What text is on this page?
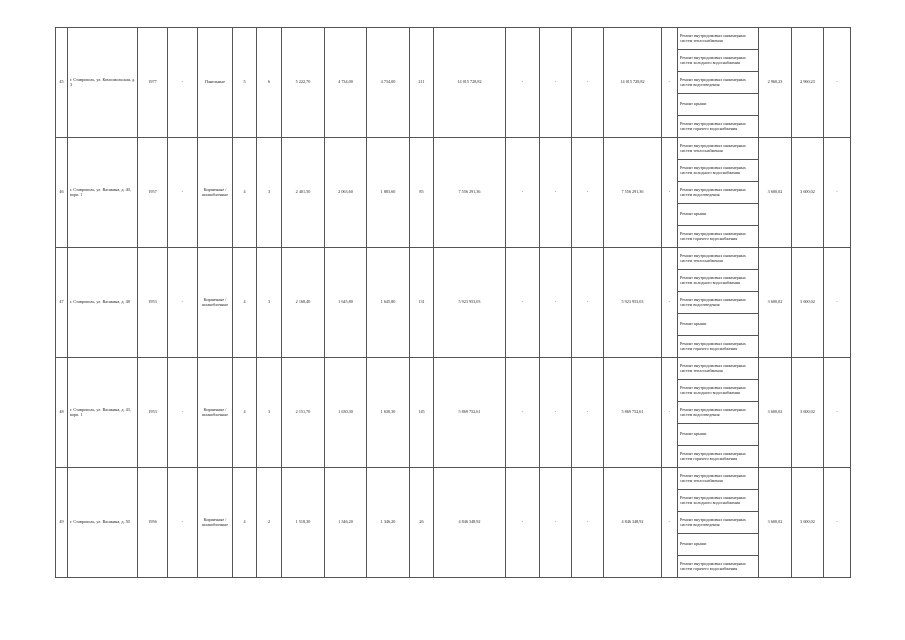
45	г. Ставрополь, ул. Комсомольская, д. 3	1977	-	Панельные	5	6	5 222,70	4 734,00	4 734,00	211	14 015 728,82	-	-	-	14 015 728,82	-	Ремонт внутридомовых инженерных систем теплоснабжения	2 960,23	2 960,23	-
																	Ремонт внутридомовых инженерных систем холодного водоснабжения			
																	Ремонт внутридомовых инженерных систем водоотведения			
																	Ремонт крыши			
																	Ремонт внутридомовых инженерных систем горячего водоснабжения			
46	г. Ставрополь, ул. Васякина, д. 40, корп. 1	1957	-	Кирпичные / шлакоблочные	4	3	2 401,50	2 063,60	1 883,60	85	7 556 291,36	-	-	-	7 556 291,36	-	Ремонт внутридомовых инженерных систем теплоснабжения	3 600,02	3 600,02	-
																	Ремонт внутридомовых инженерных систем холодного водоснабжения			
																	Ремонт внутридомовых инженерных систем водоотведения			
																	Ремонт крыши			
																	Ремонт внутридомовых инженерных систем горячего водоснабжения			
47	г. Ставрополь, ул. Васякина, д. 48	1953	-	Кирпичные / шлакоблочные	4	3	2 168,40	1 645,80	1 645,80	131	5 923 953,03	-	-	-	5 923 953,03	-	Ремонт внутридомовых инженерных систем теплоснабжения	3 600,02	3 600,02	-
																	Ремонт внутридомовых инженерных систем холодного водоснабжения			
																	Ремонт внутридомовых инженерных систем водоотведения			
																	Ремонт крыши			
																	Ремонт внутридомовых инженерных систем горячего водоснабжения			
48	г. Ставрополь, ул. Васякина, д. 43, корп. 1	1953	-	Кирпичные / шлакоблочные	4	3	2 151,70	1 630,30	1 630,30	145	5 869 752,61	-	-	-	5 869 752,61	-	Ремонт внутридомовых инженерных систем теплоснабжения	3 600,02	3 600,02	-
																	Ремонт внутридомовых инженерных систем холодного водоснабжения			
																	Ремонт внутридомовых инженерных систем водоотведения			
																	Ремонт крыши			
																	Ремонт внутридомовых инженерных систем горячего водоснабжения			
49	г. Ставрополь, ул. Васякина, д. 50	1956	-	Кирпичные / шлакоблочные	4	2	1 518,30	1 346,20	1 346,20	26	4 846 348,92	-	-	-	4 846 348,92	-	Ремонт внутридомовых инженерных систем теплоснабжения	3 600,02	3 600,02	-
																	Ремонт внутридомовых инженерных систем холодного водоснабжения			
																	Ремонт внутридомовых инженерных систем водоотведения			
																	Ремонт крыши			
																	Ремонт внутридомовых инженерных систем горячего водоснабжения			
